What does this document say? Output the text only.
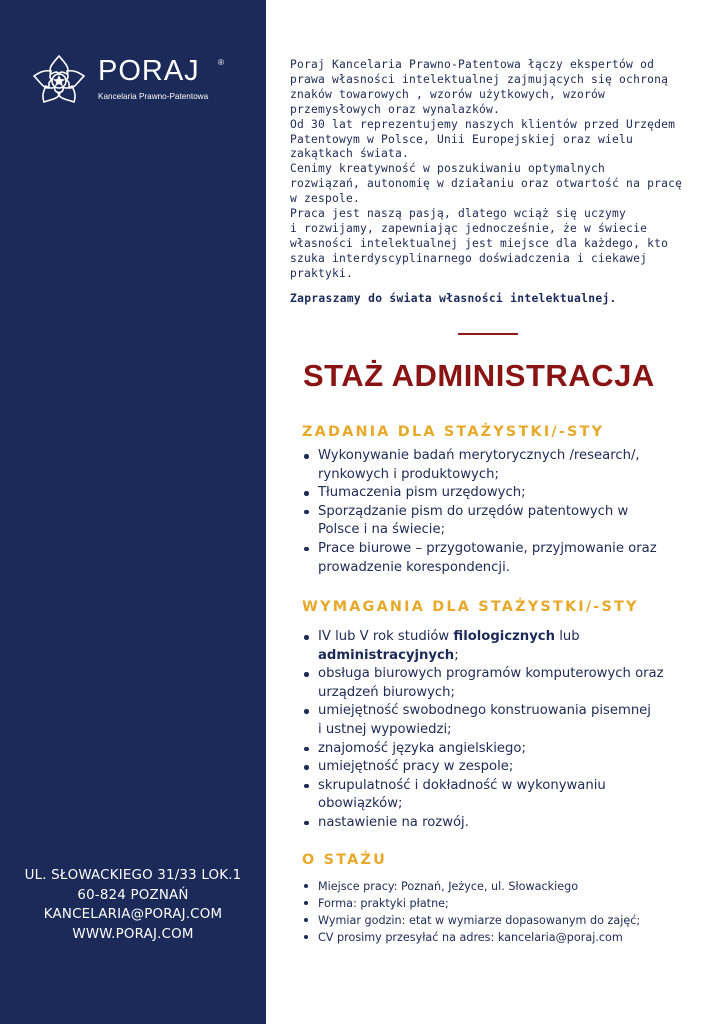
PORAJ ®
Kancelaria Prawno-Patentowa
UL. SŁOWACKIEGO 31/33 LOK.1
60-824 POZNAŃ
KANCELARIA@PORAJ.COM
WWW.PORAJ.COM
Poraj Kancelaria Prawno-Patentowa łączy ekspertów od
prawa własności intelektualnej zajmujących się ochroną
znaków towarowych , wzorów użytkowych, wzorów
przemysłowych oraz wynalazków.
Od 30 lat reprezentujemy naszych klientów przed Urzędem
Patentowym w Polsce, Unii Europejskiej oraz wielu
zakątkach świata.
Cenimy kreatywność w poszukiwaniu optymalnych
rozwiązań, autonomię w działaniu oraz otwartość na pracę
w zespole.
Praca jest naszą pasją, dlatego wciąż się uczymy
i rozwijamy, zapewniając jednocześnie, że w świecie
własności intelektualnej jest miejsce dla każdego, kto
szuka interdyscyplinarnego doświadczenia i ciekawej
praktyki.
Zapraszamy do świata własności intelektualnej.
STAŻ ADMINISTRACJA
ZADANIA DLA STAŻYSTKI/-STY
Wykonywanie badań merytorycznych /research/,
rynkowych i produktowych;
Tłumaczenia pism urzędowych;
Sporządzanie pism do urzędów patentowych w
Polsce i na świecie;
Prace biurowe – przygotowanie, przyjmowanie oraz
prowadzenie korespondencji.
WYMAGANIA DLA STAŻYSTKI/-STY
IV lub V rok studiów filologicznych lub
administracyjnych;
obsługa biurowych programów komputerowych oraz
urządzeń biurowych;
umiejętność swobodnego konstruowania pisemnej
i ustnej wypowiedzi;
znajomość języka angielskiego;
umiejętność pracy w zespole;
skrupulatność i dokładność w wykonywaniu
obowiązków;
nastawienie na rozwój.
O STAŻU
Miejsce pracy: Poznań, Jeżyce, ul. Słowackiego
Forma: praktyki płatne;
Wymiar godzin: etat w wymiarze dopasowanym do zajęć;
CV prosimy przesyłać na adres: kancelaria@poraj.com
